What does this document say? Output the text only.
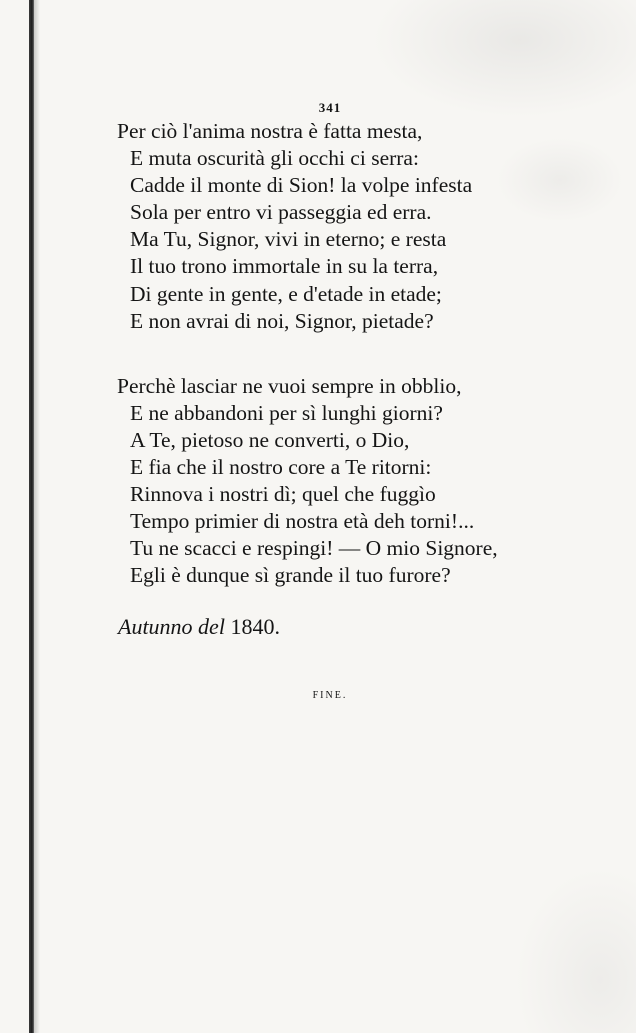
341
Per ciò l'anima nostra è fatta mesta,
E muta oscurità gli occhi ci serra:
Cadde il monte di Sion! la volpe infesta
Sola per entro vi passeggia ed erra.
Ma Tu, Signor, vivi in eterno; e resta
Il tuo trono immortale in su la terra,
Di gente in gente, e d'etade in etade;
E non avrai di noi, Signor, pietade?
Perchè lasciar ne vuoi sempre in obblio,
E ne abbandoni per sì lunghi giorni?
A Te, pietoso ne converti, o Dio,
E fia che il nostro core a Te ritorni:
Rinnova i nostri dì; quel che fuggìo
Tempo primier di nostra età deh torni!...
Tu ne scacci e respingi! — O mio Signore,
Egli è dunque sì grande il tuo furore?
Autunno del 1840.
FINE.
